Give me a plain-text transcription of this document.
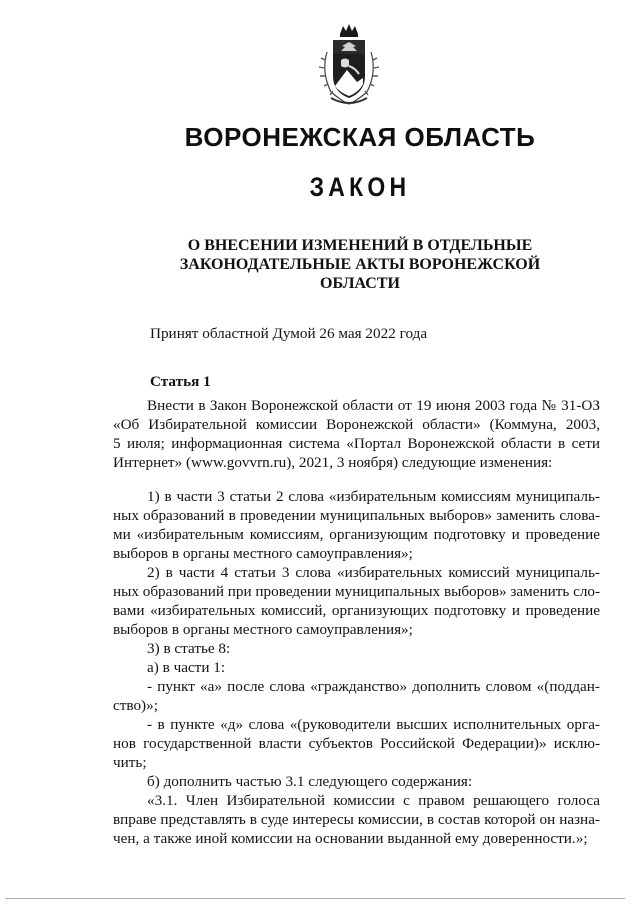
ВОРОНЕЖСКАЯ ОБЛАСТЬ
ЗАКОН
О ВНЕСЕНИИ ИЗМЕНЕНИЙ В ОТДЕЛЬНЫЕ
ЗАКОНОДАТЕЛЬНЫЕ АКТЫ ВОРОНЕЖСКОЙ
ОБЛАСТИ
Принят областной Думой 26 мая 2022 года
Статья 1
Внести в Закон Воронежской области от 19 июня 2003 года № 31-ОЗ
«Об Избирательной комиссии Воронежской области» (Коммуна, 2003,
5 июля; информационная система «Портал Воронежской области в сети
Интернет» (www.govvrn.ru), 2021, 3 ноября) следующие изменения:
1) в части 3 статьи 2 слова «избирательным комиссиям муниципаль-
ных образований в проведении муниципальных выборов» заменить слова-
ми «избирательным комиссиям, организующим подготовку и проведение
выборов в органы местного самоуправления»;
2) в части 4 статьи 3 слова «избирательных комиссий муниципаль-
ных образований при проведении муниципальных выборов» заменить сло-
вами «избирательных комиссий, организующих подготовку и проведение
выборов в органы местного самоуправления»;
3) в статье 8:
а) в части 1:
- пункт «а» после слова «гражданство» дополнить словом «(поддан-
ство)»;
- в пункте «д» слова «(руководители высших исполнительных орга-
нов государственной власти субъектов Российской Федерации)» исклю-
чить;
б) дополнить частью 3.1 следующего содержания:
«3.1. Член Избирательной комиссии с правом решающего голоса
вправе представлять в суде интересы комиссии, в состав которой он назна-
чен, а также иной комиссии на основании выданной ему доверенности.»;
